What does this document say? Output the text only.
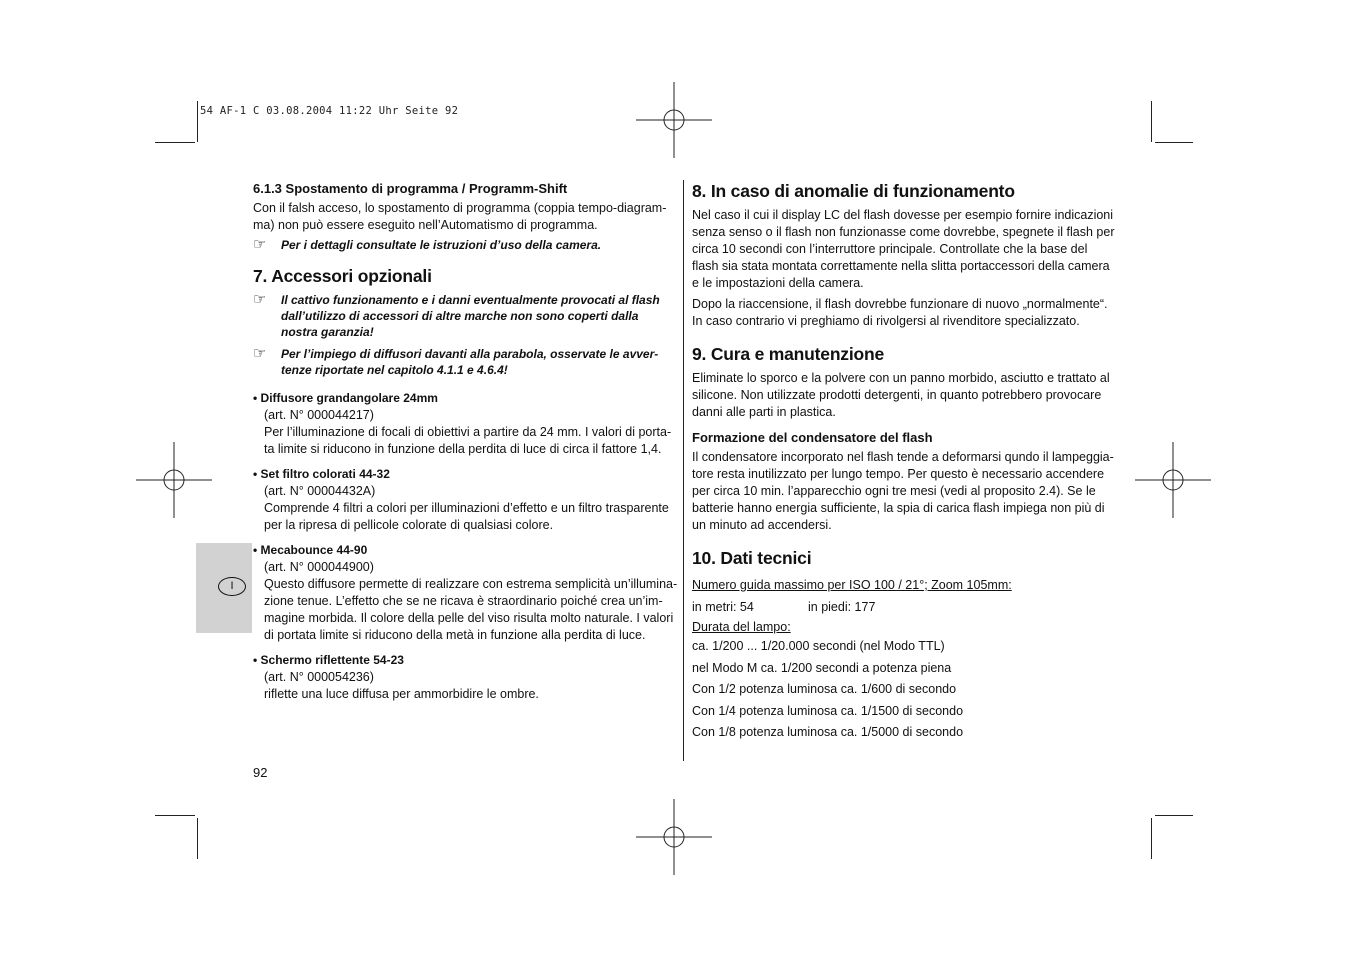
54 AF-1 C 03.08.2004 11:22 Uhr Seite 92
I
6.1.3 Spostamento di programma / Programm-Shift

Con il falsh acceso, lo spostamento di programma (coppia tempo-diagram-ma) non può essere eseguito nell’Automatismo di programma.

☞	Per i dettagli consultate le istruzioni d’uso della camera.
7. Accessori opzionali
☞	Il cattivo funzionamento e i danni eventualmente provocati al flash dall’utilizzo di accessori di altre marche non sono coperti dalla nostra garanzia!
☞	Per l’impiego di diffusori davanti alla parabola, osservate le avver-tenze riportate nel capitolo 4.1.1 e 4.6.4!
• Diffusore grandangolare 24mm
(art. N° 000044217)
Per l’illuminazione di focali di obiettivi a partire da 24 mm. I valori di porta-ta limite si riducono in funzione della perdita di luce di circa il fattore 1,4.
• Set filtro colorati 44-32
(art. N° 00004432A)
Comprende 4 filtri a colori per illuminazioni d’effetto e un filtro trasparente per la ripresa di pellicole colorate di qualsiasi colore.
• Mecabounce 44-90
(art. N° 000044900)
Questo diffusore permette di realizzare con estrema semplicità un’illumina-zione tenue. L’effetto che se ne ricava è straordinario poiché crea un’im-magine morbida. Il colore della pelle del viso risulta molto naturale. I valori di portata limite si riducono della metà in funzione alla perdita di luce.
• Schermo riflettente 54-23
(art. N° 000054236)
riflette una luce diffusa per ammorbidire le ombre.
8. In caso di anomalie di funzionamento

Nel caso il cui il display LC del flash dovesse per esempio fornire indicazioni senza senso o il flash non funzionasse come dovrebbe, spegnete il flash per circa 10 secondi con l’interruttore principale. Controllate che la base del flash sia stata montata correttamente nella slitta portaccessori della camera e le impostazioni della camera.

Dopo la riaccensione, il flash dovrebbe funzionare di nuovo „normalmente“. In caso contrario vi preghiamo di rivolgersi al rivenditore specializzato.

9. Cura e manutenzione

Eliminate lo sporco e la polvere con un panno morbido, asciutto e trattato al silicone. Non utilizzate prodotti detergenti, in quanto potrebbero provocare danni alle parti in plastica.

Formazione del condensatore del flash

Il condensatore incorporato nel flash tende a deformarsi qundo il lampeggia-tore resta inutilizzato per lungo tempo. Per questo è necessario accendere per circa 10 min. l’apparecchio ogni tre mesi (vedi al proposito 2.4). Se le batterie hanno energia sufficiente, la spia di carica flash impiega non più di un minuto ad accendersi.

10. Dati tecnici

Numero guida massimo per ISO 100 / 21°; Zoom 105mm:

in metri: 54	in piedi: 177

Durata del lampo:

ca. 1/200 ... 1/20.000 secondi (nel Modo TTL)

nel Modo M ca. 1/200 secondi a potenza piena

Con 1/2 potenza luminosa ca. 1/600 di secondo

Con 1/4 potenza luminosa ca. 1/1500 di secondo

Con 1/8 potenza luminosa ca. 1/5000 di secondo

92
